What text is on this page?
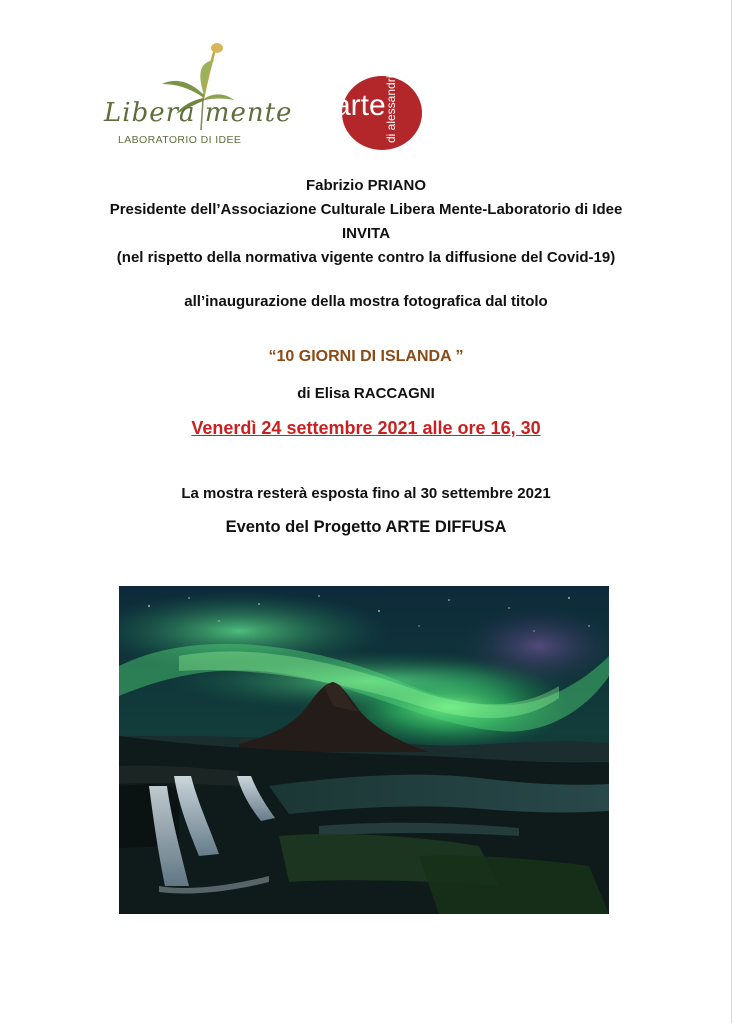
Libera mente
LABORATORIO DI IDEE
arte
di alessandria
Fabrizio PRIANO
Presidente dell’Associazione Culturale Libera Mente-Laboratorio di Idee
INVITA
(nel rispetto della normativa vigente contro la diffusione del Covid-19)
all’inaugurazione della mostra fotografica dal titolo
“10 GIORNI DI ISLANDA ”
di Elisa RACCAGNI
Venerdì 24 settembre 2021 alle ore 16, 30
La mostra resterà esposta fino al 30 settembre 2021
Evento del Progetto ARTE DIFFUSA
